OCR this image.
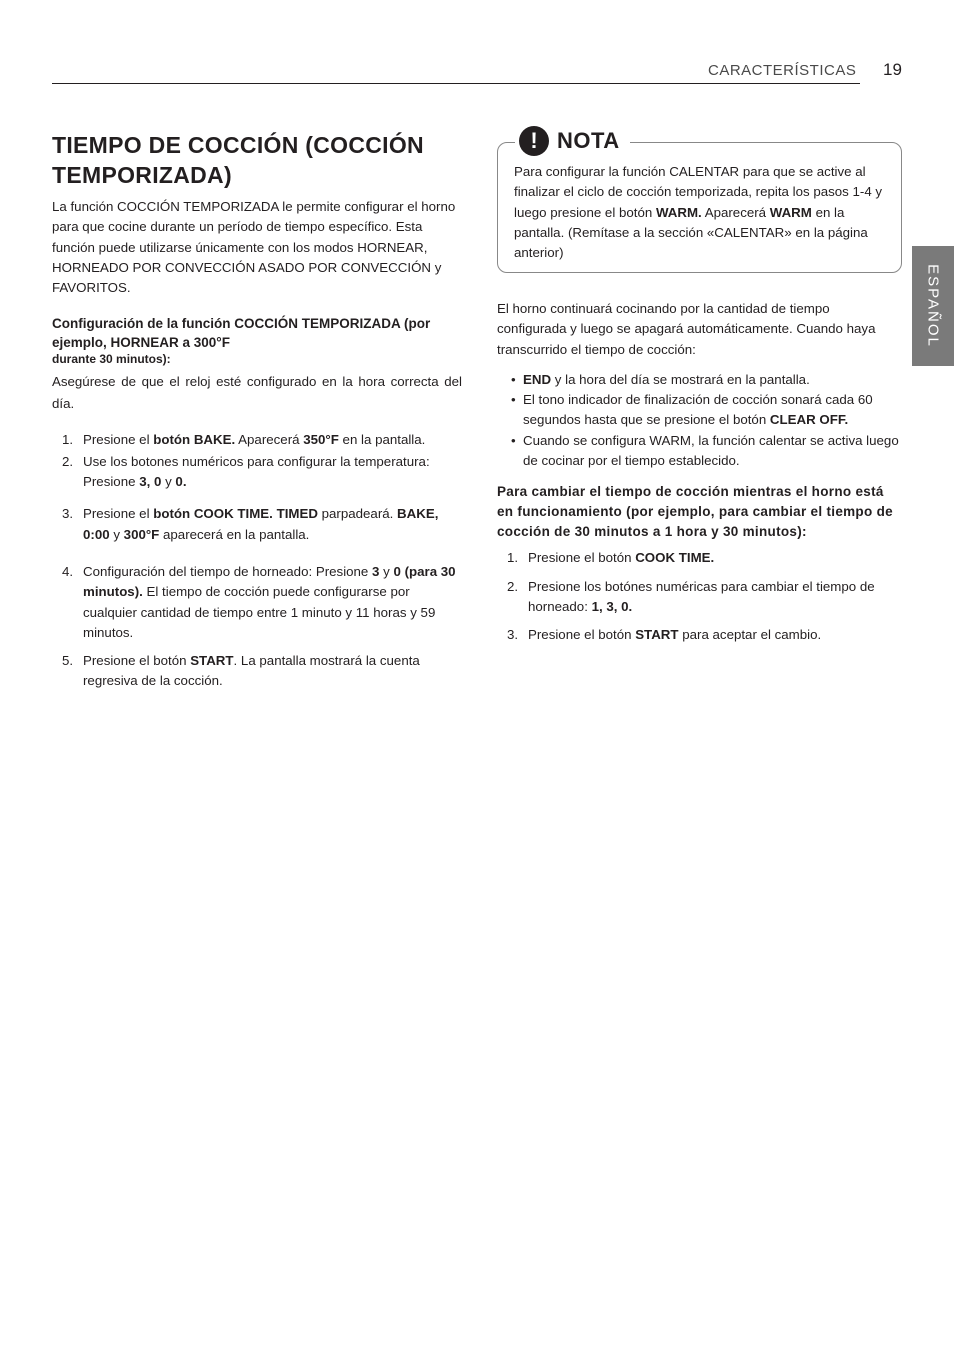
CARACTERÍSTICAS 19
ESPAÑOL
TIEMPO DE COCCIÓN (COCCIÓN TEMPORIZADA)

La función COCCIÓN TEMPORIZADA le permite configurar el horno para que cocine durante un período de tiempo específico. Esta función puede utilizarse únicamente con los modos HORNEAR, HORNEADO POR CONVECCIÓN ASADO POR CONVECCIÓN y FAVORITOS.

Configuración de la función COCCIÓN TEMPORIZADA (por ejemplo, HORNEAR a 300°F

durante 30 minutos):

Asegúrese de que el reloj esté configurado en la hora correcta del día.

1. Presione el botón BAKE. Aparecerá 350°F en la pantalla.
2. Use los botones numéricos para configurar la temperatura: Presione 3, 0 y 0.
3. Presione el botón COOK TIME. TIMED parpadeará. BAKE, 0:00 y 300°F aparecerá en la pantalla.
4. Configuración del tiempo de horneado: Presione 3 y 0 (para 30 minutos). El tiempo de cocción puede configurarse por cualquier cantidad de tiempo entre 1 minuto y 11 horas y 59 minutos.
5. Presione el botón START. La pantalla mostrará la cuenta regresiva de la cocción.
! NOTA
Para configurar la función CALENTAR para que se active al finalizar el ciclo de cocción temporizada, repita los pasos 1-4 y luego presione el botón WARM. Aparecerá WARM en la pantalla. (Remítase a la sección «CALENTAR» en la página anterior)

El horno continuará cocinando por la cantidad de tiempo configurada y luego se apagará automáticamente. Cuando haya transcurrido el tiempo de cocción:

• END y la hora del día se mostrará en la pantalla.
• El tono indicador de finalización de cocción sonará cada 60 segundos hasta que se presione el botón CLEAR OFF.
• Cuando se configura WARM, la función calentar se activa luego de cocinar por el tiempo establecido.

Para cambiar el tiempo de cocción mientras el horno está en funcionamiento (por ejemplo, para cambiar el tiempo de cocción de 30 minutos a 1 hora y 30 minutos):

1. Presione el botón COOK TIME.
2. Presione los botónes numéricas para cambiar el tiempo de horneado: 1, 3, 0.
3. Presione el botón START para aceptar el cambio.
